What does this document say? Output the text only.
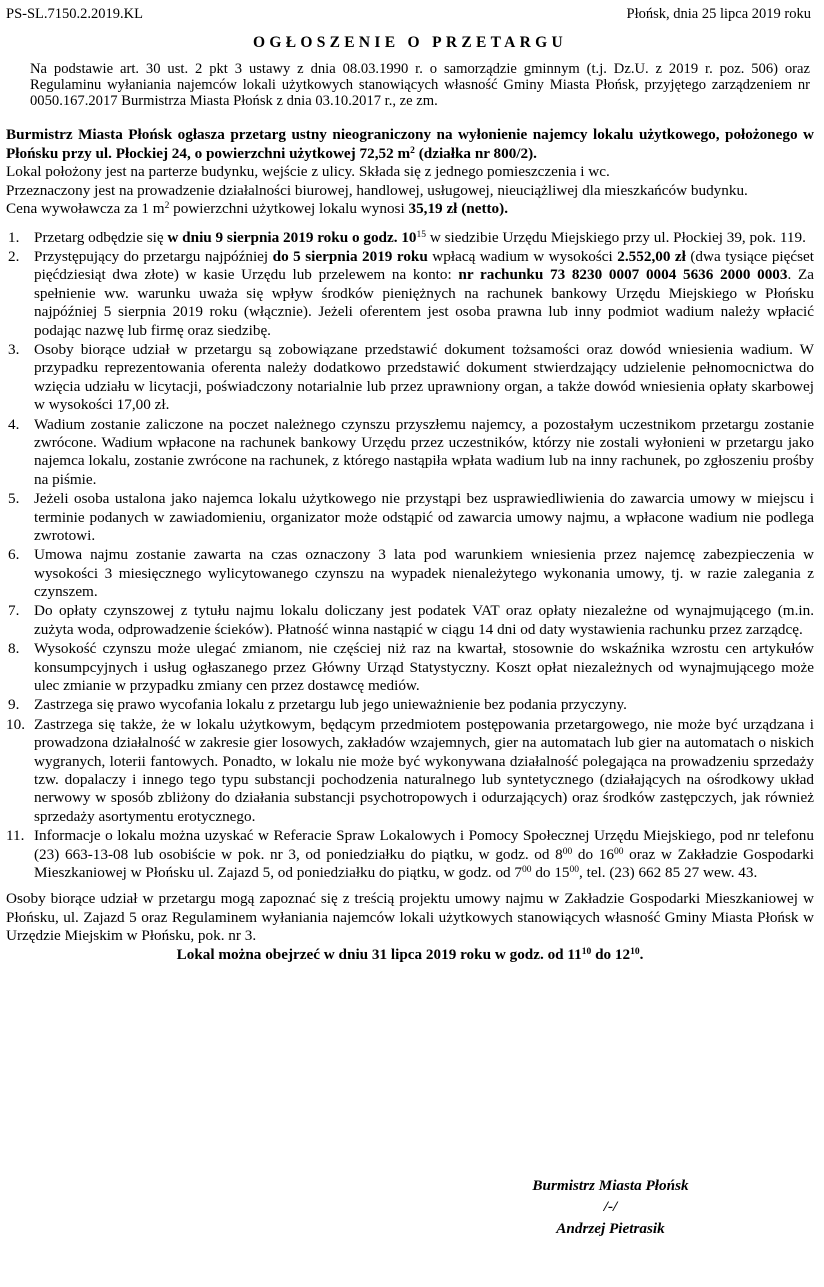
PS-SL.7150.2.2019.KL	Płońsk, dnia 25 lipca 2019 roku
OGŁOSZENIE O PRZETARGU

Na podstawie art. 30 ust. 2 pkt 3 ustawy z dnia 08.03.1990 r. o samorządzie gminnym (t.j. Dz.U. z 2019 r. poz. 506) oraz Regulaminu wyłaniania najemców lokali użytkowych stanowiących własność Gminy Miasta Płońsk, przyjętego zarządzeniem nr 0050.167.2017 Burmistrza Miasta Płońsk z dnia 03.10.2017 r., ze zm.

Burmistrz Miasta Płońsk ogłasza przetarg ustny nieograniczony na wyłonienie najemcy lokalu użytkowego, położonego w Płońsku przy ul. Płockiej 24, o powierzchni użytkowej 72,52 $m^2$ (działka nr 800/2).

Lokal położony jest na parterze budynku, wejście z ulicy. Składa się z jednego pomieszczenia i wc.

Przeznaczony jest na prowadzenie działalności biurowej, handlowej, usługowej, nieuciążliwej dla mieszkańców budynku.

Cena wywoławcza za 1 $m^2$ powierzchni użytkowej lokalu wynosi 35,19 zł (netto).

1. Przetarg odbędzie się w dniu 9 sierpnia 2019 roku o godz. $10^{15}$ w siedzibie Urzędu Miejskiego przy ul. Płockiej 39, pok. 119.
2. Przystępujący do przetargu najpóźniej do 5 sierpnia 2019 roku wpłacą wadium w wysokości 2.552,00 zł (dwa tysiące pięćset pięćdziesiąt dwa złote) w kasie Urzędu lub przelewem na konto: nr rachunku 73 8230 0007 0004 5636 2000 0003. Za spełnienie ww. warunku uważa się wpływ środków pieniężnych na rachunek bankowy Urzędu Miejskiego w Płońsku najpóźniej 5 sierpnia 2019 roku (włącznie). Jeżeli oferentem jest osoba prawna lub inny podmiot wadium należy wpłacić podając nazwę lub firmę oraz siedzibę.
3. Osoby biorące udział w przetargu są zobowiązane przedstawić dokument tożsamości oraz dowód wniesienia wadium. W przypadku reprezentowania oferenta należy dodatkowo przedstawić dokument stwierdzający udzielenie pełnomocnictwa do wzięcia udziału w licytacji, poświadczony notarialnie lub przez uprawniony organ, a także dowód wniesienia opłaty skarbowej w wysokości 17,00 zł.
4. Wadium zostanie zaliczone na poczet należnego czynszu przyszłemu najemcy, a pozostałym uczestnikom przetargu zostanie zwrócone. Wadium wpłacone na rachunek bankowy Urzędu przez uczestników, którzy nie zostali wyłonieni w przetargu jako najemca lokalu, zostanie zwrócone na rachunek, z którego nastąpiła wpłata wadium lub na inny rachunek, po zgłoszeniu prośby na piśmie.
5. Jeżeli osoba ustalona jako najemca lokalu użytkowego nie przystąpi bez usprawiedliwienia do zawarcia umowy w miejscu i terminie podanych w zawiadomieniu, organizator może odstąpić od zawarcia umowy najmu, a wpłacone wadium nie podlega zwrotowi.
6. Umowa najmu zostanie zawarta na czas oznaczony 3 lata pod warunkiem wniesienia przez najemcę zabezpieczenia w wysokości 3 miesięcznego wylicytowanego czynszu na wypadek nienależytego wykonania umowy, tj. w razie zalegania z czynszem.
7. Do opłaty czynszowej z tytułu najmu lokalu doliczany jest podatek VAT oraz opłaty niezależne od wynajmującego (m.in. zużyta woda, odprowadzenie ścieków). Płatność winna nastąpić w ciągu 14 dni od daty wystawienia rachunku przez zarządcę.
8. Wysokość czynszu może ulegać zmianom, nie częściej niż raz na kwartał, stosownie do wskaźnika wzrostu cen artykułów konsumpcyjnych i usług ogłaszanego przez Główny Urząd Statystyczny. Koszt opłat niezależnych od wynajmującego może ulec zmianie w przypadku zmiany cen przez dostawcę mediów.
9. Zastrzega się prawo wycofania lokalu z przetargu lub jego unieważnienie bez podania przyczyny.
10. Zastrzega się także, że w lokalu użytkowym, będącym przedmiotem postępowania przetargowego, nie może być urządzana i prowadzona działalność w zakresie gier losowych, zakładów wzajemnych, gier na automatach lub gier na automatach o niskich wygranych, loterii fantowych. Ponadto, w lokalu nie może być wykonywana działalność polegająca na prowadzeniu sprzedaży tzw. dopalaczy i innego tego typu substancji pochodzenia naturalnego lub syntetycznego (działających na ośrodkowy układ nerwowy w sposób zbliżony do działania substancji psychotropowych i odurzających) oraz środków zastępczych, jak również sprzedaży asortymentu erotycznego.
11. Informacje o lokalu można uzyskać w Referacie Spraw Lokalowych i Pomocy Społecznej Urzędu Miejskiego, pod nr telefonu (23) 663-13-08 lub osobiście w pok. nr 3, od poniedziałku do piątku, w godz. od $8^{00}$ do $16^{00}$ oraz w Zakładzie Gospodarki Mieszkaniowej w Płońsku ul. Zajazd 5, od poniedziałku do piątku, w godz. od $7^{00}$ do $15^{00}$, tel. (23) 662 85 27 wew. 43.

Osoby biorące udział w przetargu mogą zapoznać się z treścią projektu umowy najmu w Zakładzie Gospodarki Mieszkaniowej w Płońsku, ul. Zajazd 5 oraz Regulaminem wyłaniania najemców lokali użytkowych stanowiących własność Gminy Miasta Płońsk w Urzędzie Miejskim w Płońsku, pok. nr 3.

Lokal można obejrzeć w dniu 31 lipca 2019 roku w godz. od $11^{10}$ do $12^{10}$.

Burmistrz Miasta Płońsk
/-/
Andrzej Pietrasik
